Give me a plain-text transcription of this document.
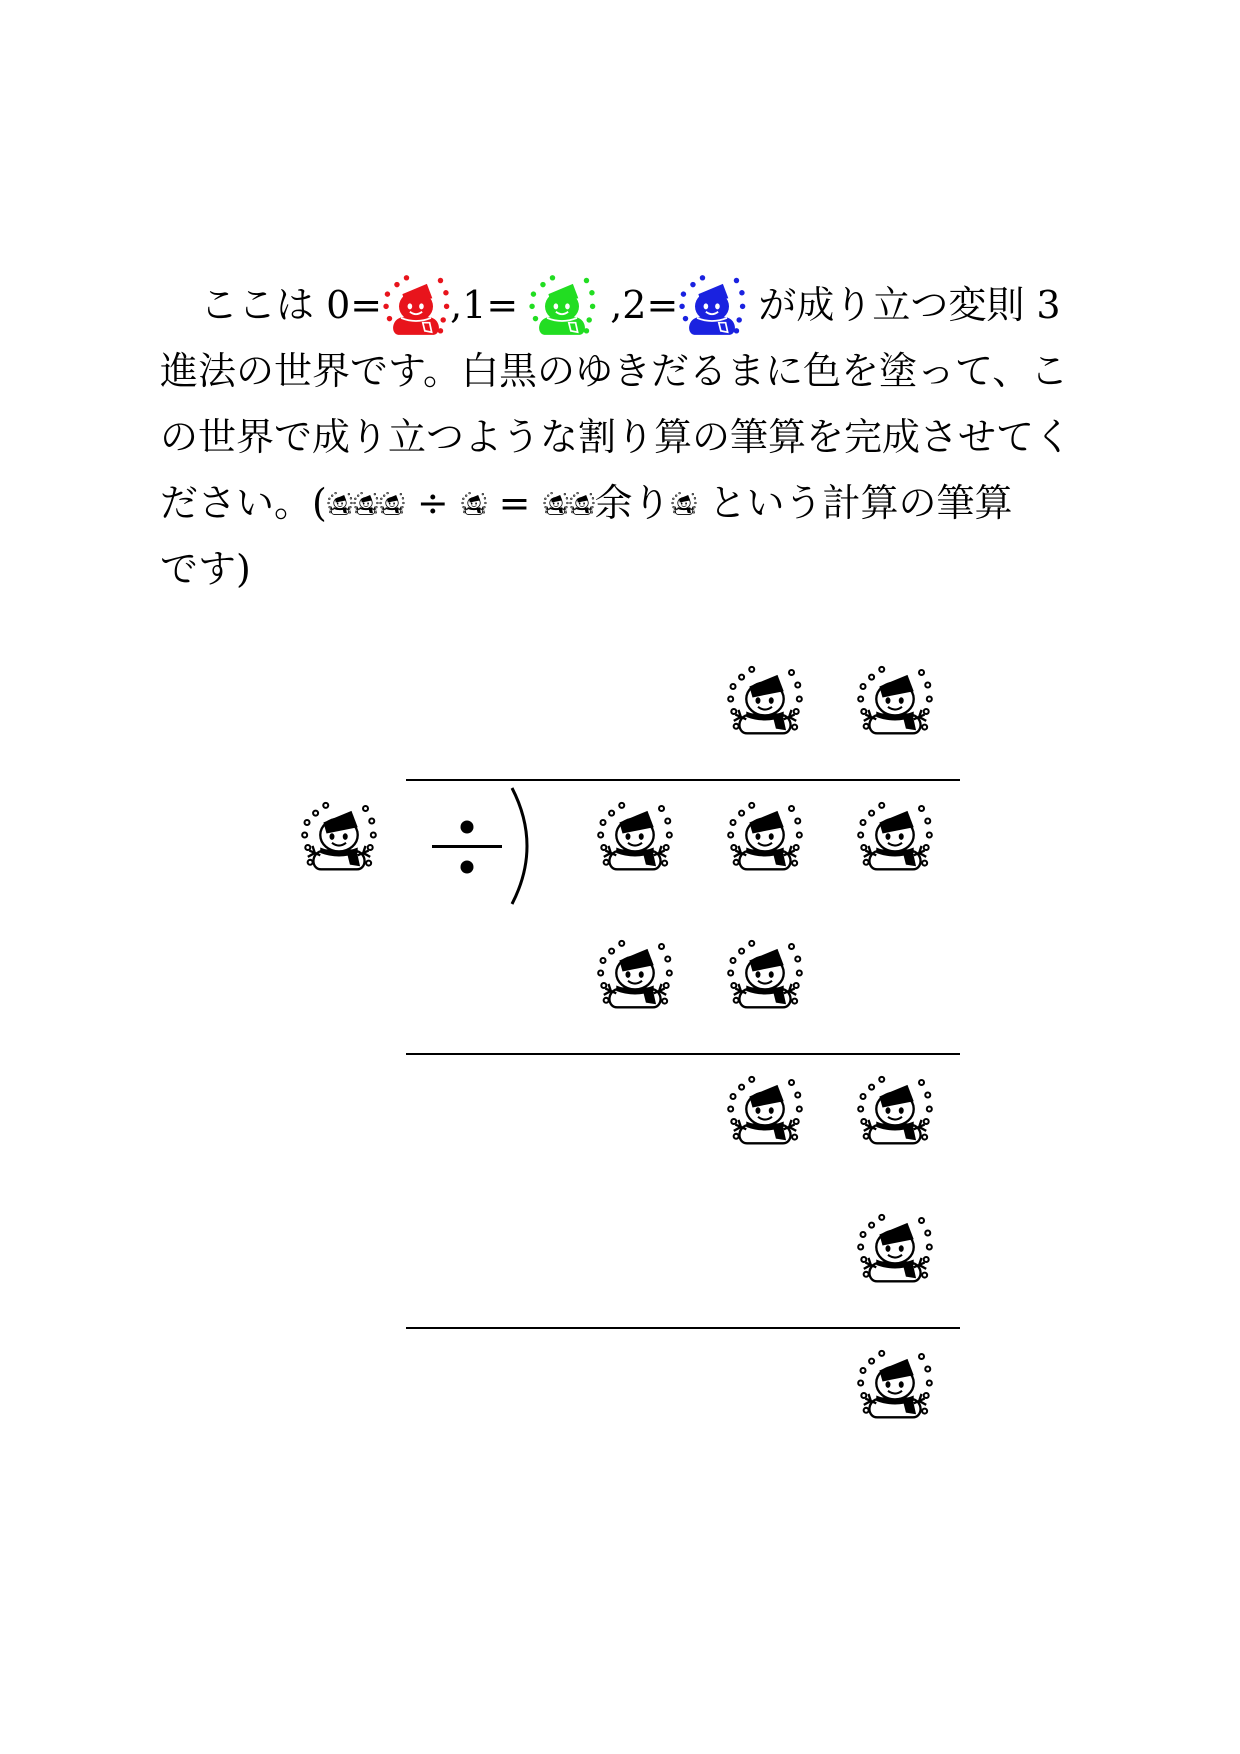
ここは 0= ,1= ,2= が成り立つ変則 3
進法の世界です。白黒のゆきだるまに色を塗って、こ
の世界で成り立つような割り算の筆算を完成させてく
ださい。( ÷ = 余り という計算の筆算
です)
